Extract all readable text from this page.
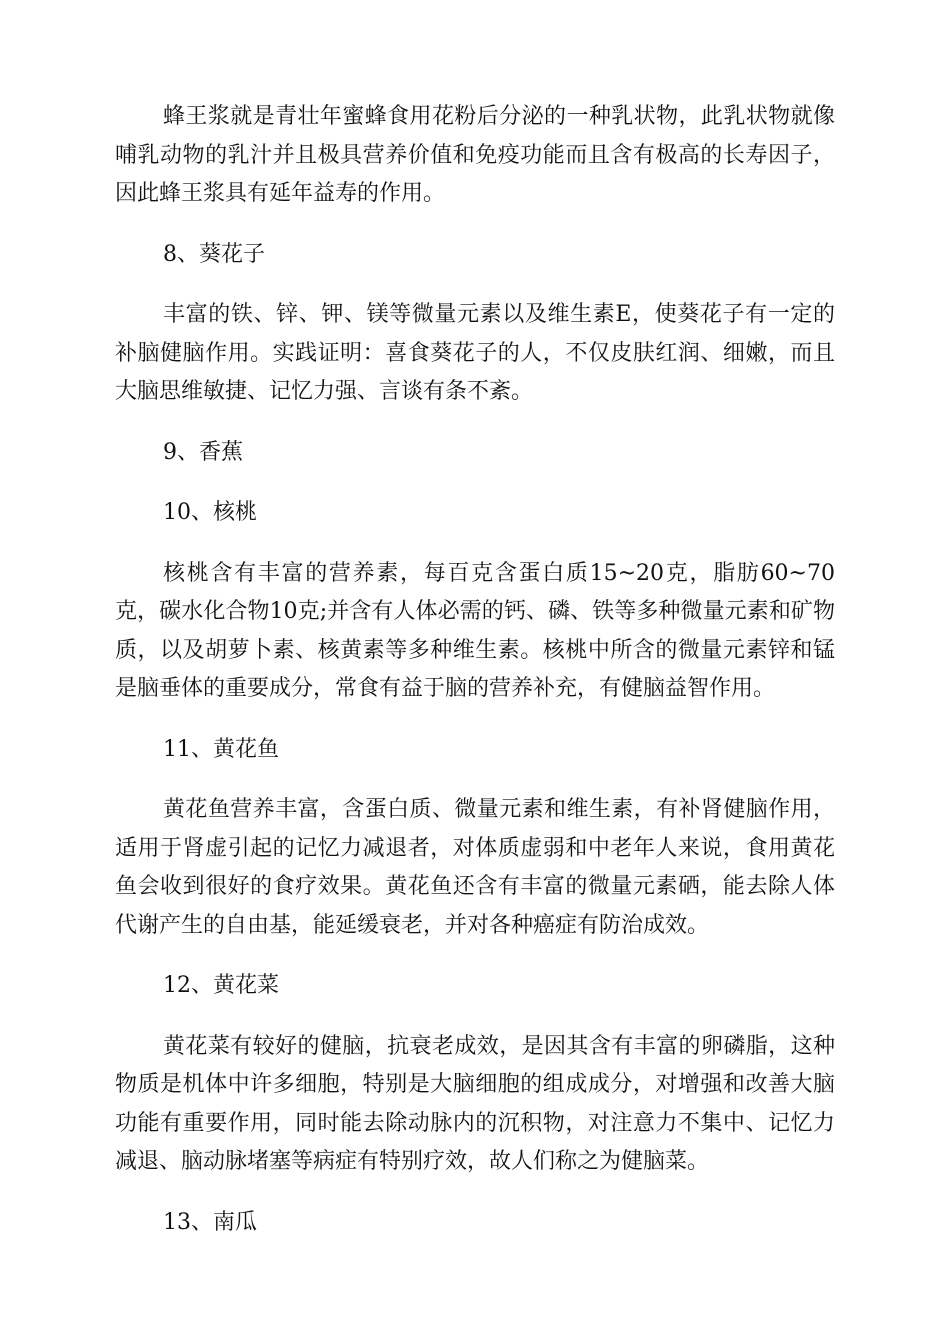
蜂王浆就是青壮年蜜蜂食用花粉后分泌的一种乳状物，此乳状物就像哺乳动物的乳汁并且极具营养价值和免疫功能而且含有极高的长寿因子，因此蜂王浆具有延年益寿的作用。

8、葵花子

丰富的铁、锌、钾、镁等微量元素以及维生素E，使葵花子有一定的补脑健脑作用。实践证明：喜食葵花子的人，不仅皮肤红润、细嫩，而且大脑思维敏捷、记忆力强、言谈有条不紊。

9、香蕉

10、核桃

核桃含有丰富的营养素，每百克含蛋白质15~20克，脂肪60~70克，碳水化合物10克;并含有人体必需的钙、磷、铁等多种微量元素和矿物质，以及胡萝卜素、核黄素等多种维生素。核桃中所含的微量元素锌和锰是脑垂体的重要成分，常食有益于脑的营养补充，有健脑益智作用。

11、黄花鱼

黄花鱼营养丰富，含蛋白质、微量元素和维生素，有补肾健脑作用，适用于肾虚引起的记忆力减退者，对体质虚弱和中老年人来说，食用黄花鱼会收到很好的食疗效果。黄花鱼还含有丰富的微量元素硒，能去除人体代谢产生的自由基，能延缓衰老，并对各种癌症有防治成效。

12、黄花菜

黄花菜有较好的健脑，抗衰老成效，是因其含有丰富的卵磷脂，这种物质是机体中许多细胞，特别是大脑细胞的组成成分，对增强和改善大脑功能有重要作用，同时能去除动脉内的沉积物，对注意力不集中、记忆力减退、脑动脉堵塞等病症有特别疗效，故人们称之为健脑菜。

13、南瓜
